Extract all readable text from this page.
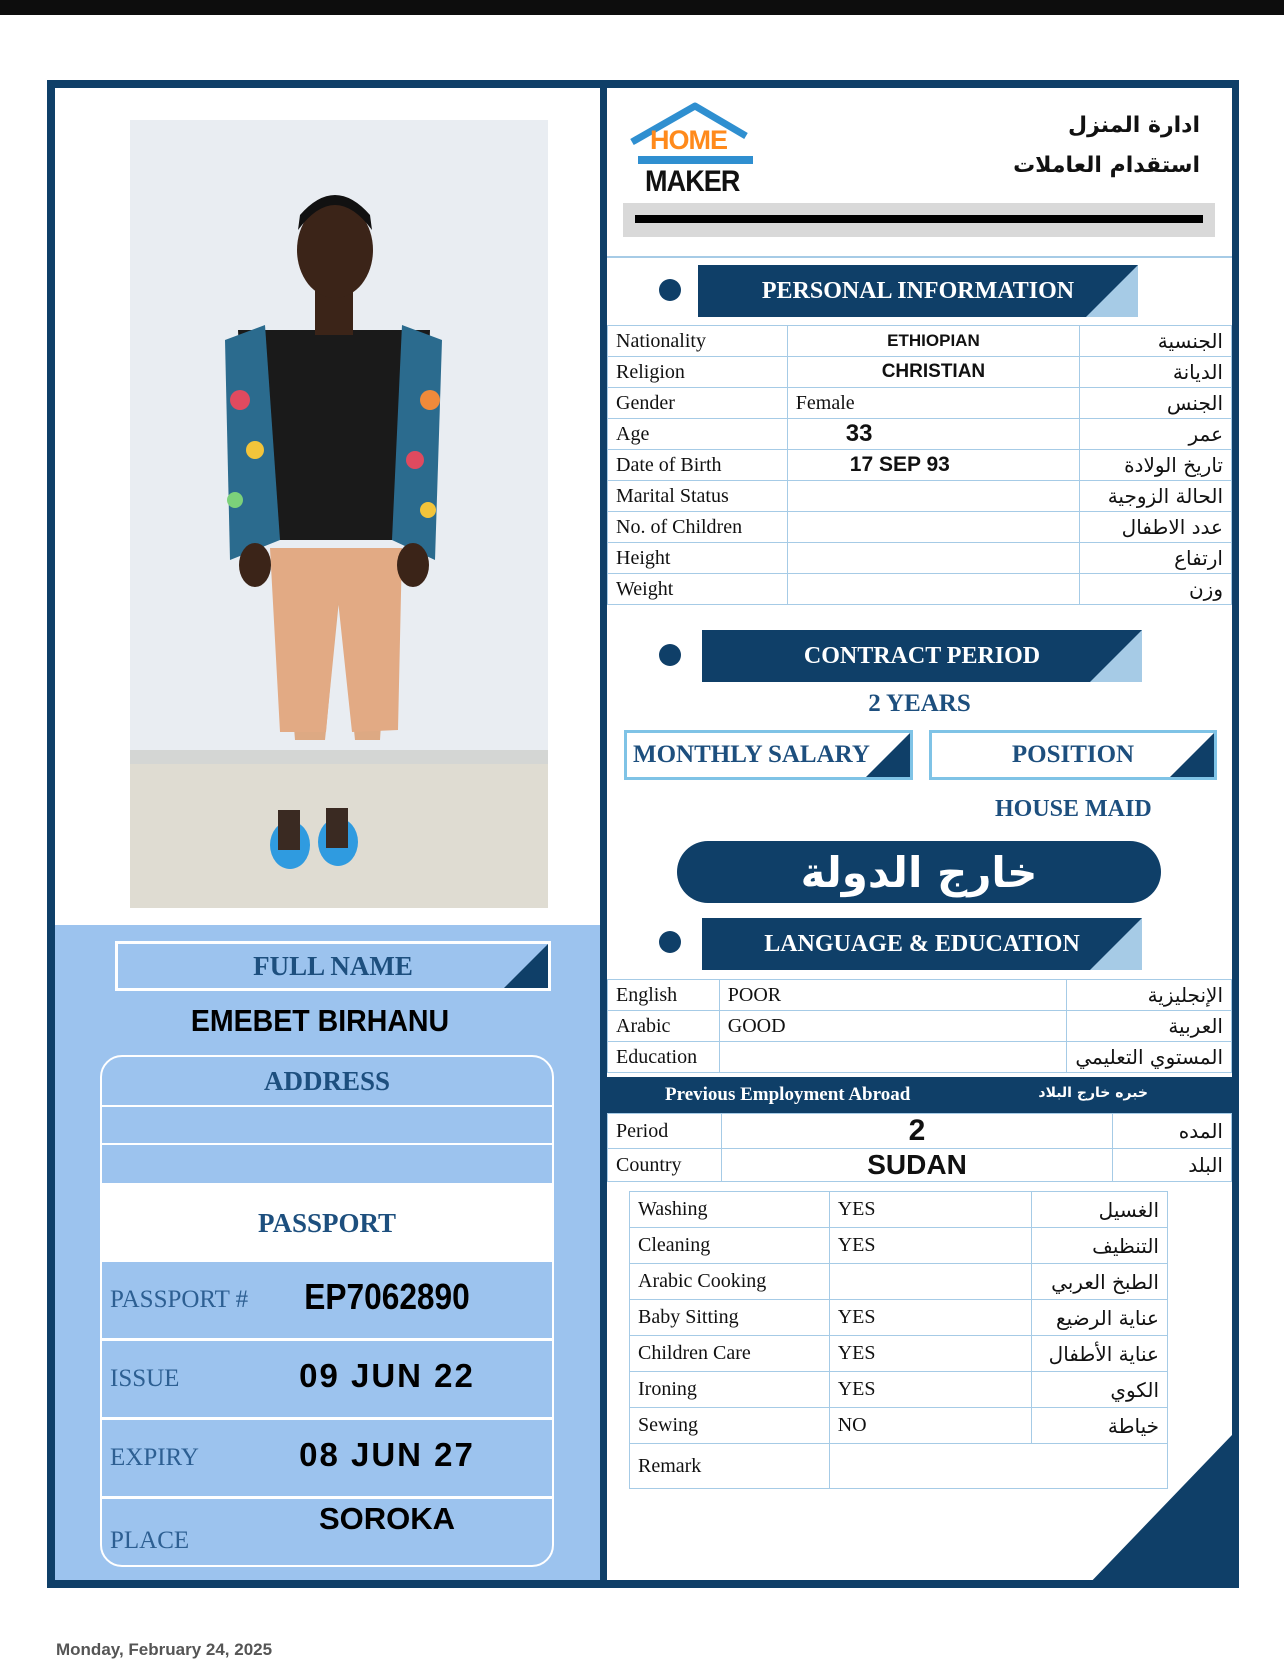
FULL NAME
EMEBET BIRHANU
ADDRESS
PASSPORT
PASSPORT #	EP7062890
ISSUE	09 JUN 22
EXPIRY	08 JUN 27
PLACE
SOROKA
HOME
MAKER
ادارة المنزل
استقدام العاملات
PERSONAL INFORMATION
Nationality	ETHIOPIAN	الجنسية
Religion	CHRISTIAN	الديانة
Gender	Female	الجنس
Age	33	عمر
Date of Birth	17 SEP 93	تاريخ الولادة
Marital Status		الحالة الزوجية
No. of Children		عدد الاطفال
Height		ارتفاع
Weight		وزن
CONTRACT PERIOD
2 YEARS
MONTHLY SALARY	POSITION
HOUSE MAID
خارج الدولة
LANGUAGE & EDUCATION
English	POOR	الإنجليزية
Arabic	GOOD	العربية
Education		المستوي التعليمي
Previous Employment Abroad	خبره خارج البلاد
Period	2	المده
Country	SUDAN	البلد
Washing	YES	الغسيل
Cleaning	YES	التنظيف
Arabic Cooking		الطبخ العربي
Baby Sitting	YES	عناية الرضيع
Children Care	YES	عناية الأطفال
Ironing	YES	الكوي
Sewing	NO	خياطة
Remark		
Monday, February 24, 2025
